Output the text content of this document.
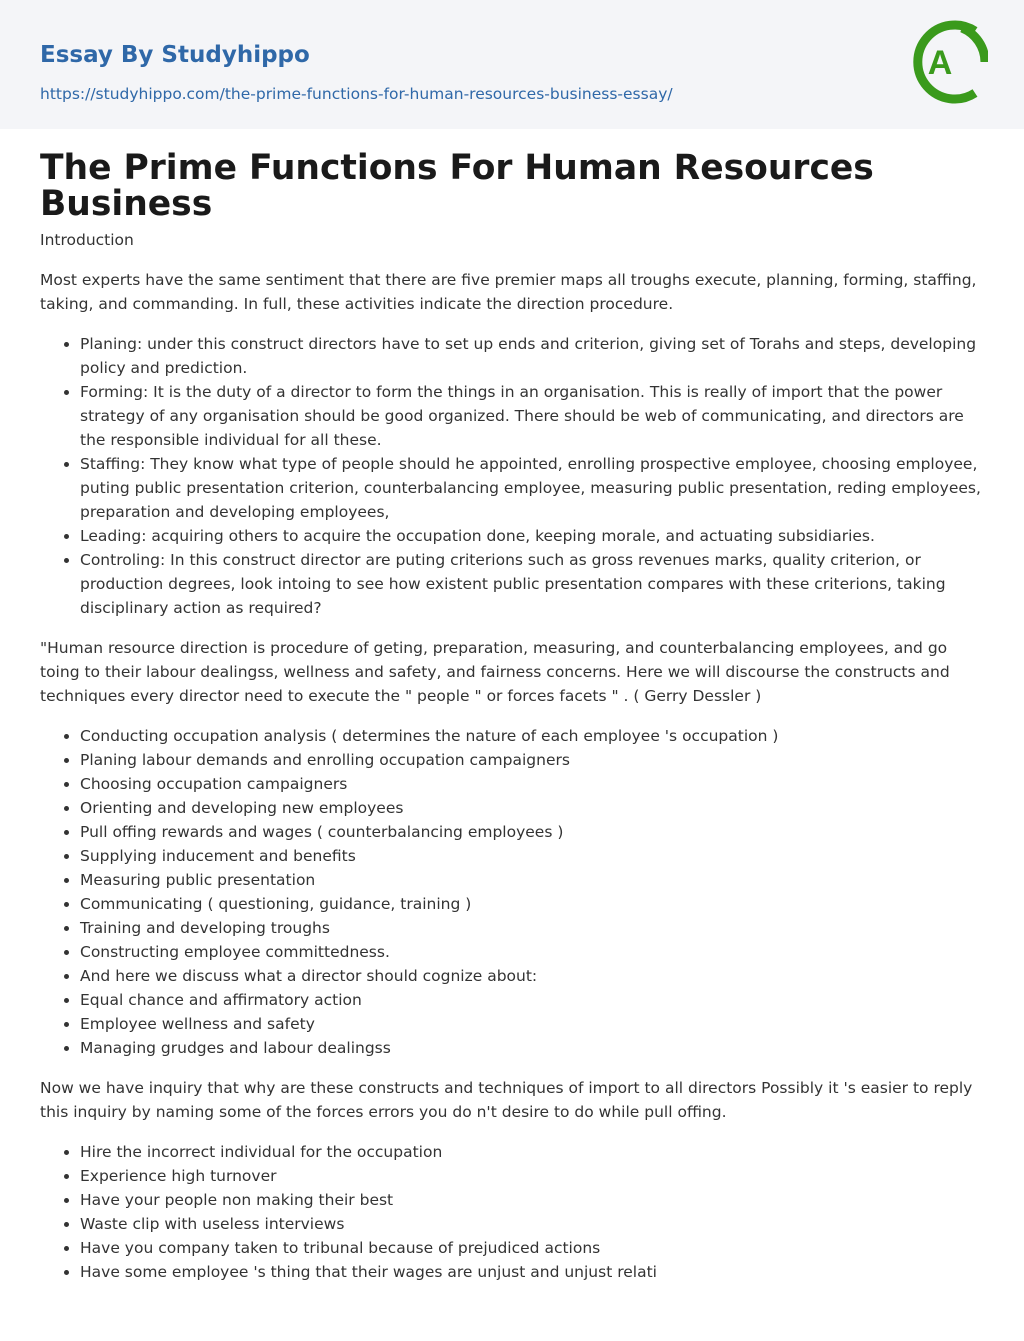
Essay By Studyhippo
https://studyhippo.com/the-prime-functions-for-human-resources-business-essay/
A
The Prime Functions For Human Resources Business

Introduction

Most experts have the same sentiment that there are five premier maps all troughs execute, planning, forming, staffing, taking, and commanding. In full, these activities indicate the direction procedure.

• Planing: under this construct directors have to set up ends and criterion, giving set of Torahs and steps, developing policy and prediction.
• Forming: It is the duty of a director to form the things in an organisation. This is really of import that the power strategy of any organisation should be good organized. There should be web of communicating, and directors are the responsible individual for all these.
• Staffing: They know what type of people should he appointed, enrolling prospective employee, choosing employee, puting public presentation criterion, counterbalancing employee, measuring public presentation, reding employees, preparation and developing employees,
• Leading: acquiring others to acquire the occupation done, keeping morale, and actuating subsidiaries.
• Controling: In this construct director are puting criterions such as gross revenues marks, quality criterion, or production degrees, look intoing to see how existent public presentation compares with these criterions, taking disciplinary action as required?

"Human resource direction is procedure of geting, preparation, measuring, and counterbalancing employees, and go toing to their labour dealingss, wellness and safety, and fairness concerns. Here we will discourse the constructs and techniques every director need to execute the " people " or forces facets " . ( Gerry Dessler )

• Conducting occupation analysis ( determines the nature of each employee 's occupation )
• Planing labour demands and enrolling occupation campaigners
• Choosing occupation campaigners
• Orienting and developing new employees
• Pull offing rewards and wages ( counterbalancing employees )
• Supplying inducement and benefits
• Measuring public presentation
• Communicating ( questioning, guidance, training )
• Training and developing troughs
• Constructing employee committedness.
• And here we discuss what a director should cognize about:
• Equal chance and affirmatory action
• Employee wellness and safety
• Managing grudges and labour dealingss

Now we have inquiry that why are these constructs and techniques of import to all directors Possibly it 's easier to reply this inquiry by naming some of the forces errors you do n't desire to do while pull offing.

• Hire the incorrect individual for the occupation
• Experience high turnover
• Have your people non making their best
• Waste clip with useless interviews
• Have you company taken to tribunal because of prejudiced actions
• Have some employee 's thing that their wages are unjust and unjust relati
